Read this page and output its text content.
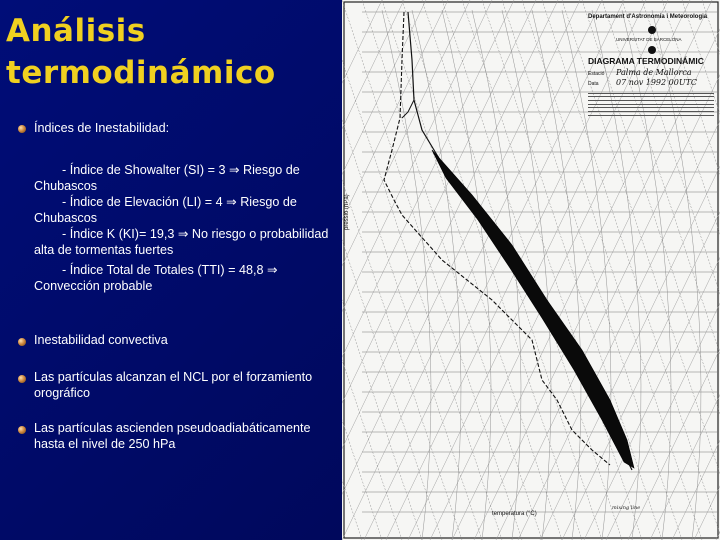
Análisis
termodinámico
Índices de Inestabilidad:
- Índice de Showalter (SI) = 3 ⇒ Riesgo de Chubascos
- Índice de Elevación (LI) = 4 ⇒ Riesgo de Chubascos
- Índice K (KI)= 19,3 ⇒ No riesgo o probabilidad alta de tormentas fuertes
- Índice Total de Totales (TTI) = 48,8 ⇒ Convección probable
Inestabilidad convectiva
Las partículas alcanzan el NCL por el forzamiento orográfico
Las partículas ascienden pseudoadiabáticamente hasta el nivel de 250 hPa
Departament d'Astronomia i Meteorologia
UNIVERSITAT DE BARCELONA
DIAGRAMA TERMODINÁMIC
Estació Palma de Mallorca
Data 07 nov 1992 00UTC
pressió (hPa)
temperatura (°C)
mixing line
